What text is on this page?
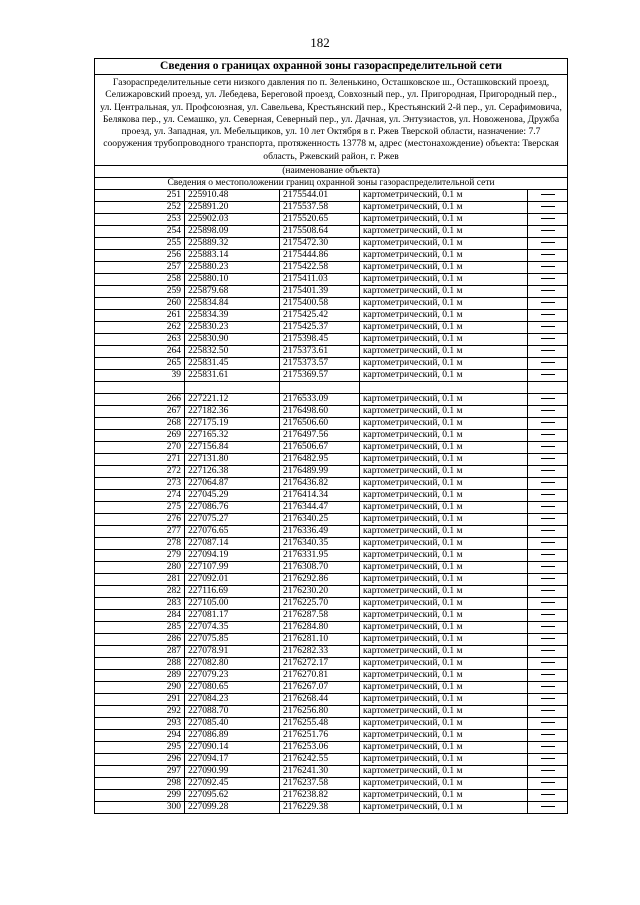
182
Сведения о границах охранной зоны газораспределительной сети				
Газораспределительные сети низкого давления по п. Зеленькино, Осташковское ш., Осташковский проезд, Селижаровский проезд, ул. Лебедева, Береговой проезд, Совхозный пер., ул. Пригородная, Пригородный пер., ул. Центральная, ул. Профсоюзная, ул. Савельева, Крестьянский пер., Крестьянский 2-й пер., ул. Серафимовича, Белякова пер., ул. Семашко, ул. Северная, Северный пер., ул. Дачная, ул. Энтузиастов, ул. Новоженова, Дружба проезд, ул. Западная, ул. Мебельщиков, ул. 10 лет Октября в г. Ржев Тверской области, назначение: 7.7 сооружения трубопроводного транспорта, протяженность 13778 м, адрес (местонахождение) объекта: Тверская область, Ржевский район, г. Ржев				
(наименование объекта)				
Сведения о местоположении границ охранной зоны газораспределительной сети				
251	225910.48	2175544.01	картометрический, 0.1 м	
252	225891.20	2175537.58	картометрический, 0.1 м	
253	225902.03	2175520.65	картометрический, 0.1 м	
254	225898.09	2175508.64	картометрический, 0.1 м	
255	225889.32	2175472.30	картометрический, 0.1 м	
256	225883.14	2175444.86	картометрический, 0.1 м	
257	225880.23	2175422.58	картометрический, 0.1 м	
258	225880.10	2175411.03	картометрический, 0.1 м	
259	225879.68	2175401.39	картометрический, 0.1 м	
260	225834.84	2175400.58	картометрический, 0.1 м	
261	225834.39	2175425.42	картометрический, 0.1 м	
262	225830.23	2175425.37	картометрический, 0.1 м	
263	225830.90	2175398.45	картометрический, 0.1 м	
264	225832.50	2175373.61	картометрический, 0.1 м	
265	225831.45	2175373.57	картометрический, 0.1 м	
39	225831.61	2175369.57	картометрический, 0.1 м	

266	227221.12	2176533.09	картометрический, 0.1 м	
267	227182.36	2176498.60	картометрический, 0.1 м	
268	227175.19	2176506.60	картометрический, 0.1 м	
269	227165.32	2176497.56	картометрический, 0.1 м	
270	227156.84	2176506.67	картометрический, 0.1 м	
271	227131.80	2176482.95	картометрический, 0.1 м	
272	227126.38	2176489.99	картометрический, 0.1 м	
273	227064.87	2176436.82	картометрический, 0.1 м	
274	227045.29	2176414.34	картометрический, 0.1 м	
275	227086.76	2176344.47	картометрический, 0.1 м	
276	227075.27	2176340.25	картометрический, 0.1 м	
277	227076.65	2176336.49	картометрический, 0.1 м	
278	227087.14	2176340.35	картометрический, 0.1 м	
279	227094.19	2176331.95	картометрический, 0.1 м	
280	227107.99	2176308.70	картометрический, 0.1 м	
281	227092.01	2176292.86	картометрический, 0.1 м	
282	227116.69	2176230.20	картометрический, 0.1 м	
283	227105.00	2176225.70	картометрический, 0.1 м	
284	227081.17	2176287.58	картометрический, 0.1 м	
285	227074.35	2176284.80	картометрический, 0.1 м	
286	227075.85	2176281.10	картометрический, 0.1 м	
287	227078.91	2176282.33	картометрический, 0.1 м	
288	227082.80	2176272.17	картометрический, 0.1 м	
289	227079.23	2176270.81	картометрический, 0.1 м	
290	227080.65	2176267.07	картометрический, 0.1 м	
291	227084.23	2176268.44	картометрический, 0.1 м	
292	227088.70	2176256.80	картометрический, 0.1 м	
293	227085.40	2176255.48	картометрический, 0.1 м	
294	227086.89	2176251.76	картометрический, 0.1 м	
295	227090.14	2176253.06	картометрический, 0.1 м	
296	227094.17	2176242.55	картометрический, 0.1 м	
297	227090.99	2176241.30	картометрический, 0.1 м	
298	227092.45	2176237.58	картометрический, 0.1 м	
299	227095.62	2176238.82	картометрический, 0.1 м	
300	227099.28	2176229.38	картометрический, 0.1 м	
